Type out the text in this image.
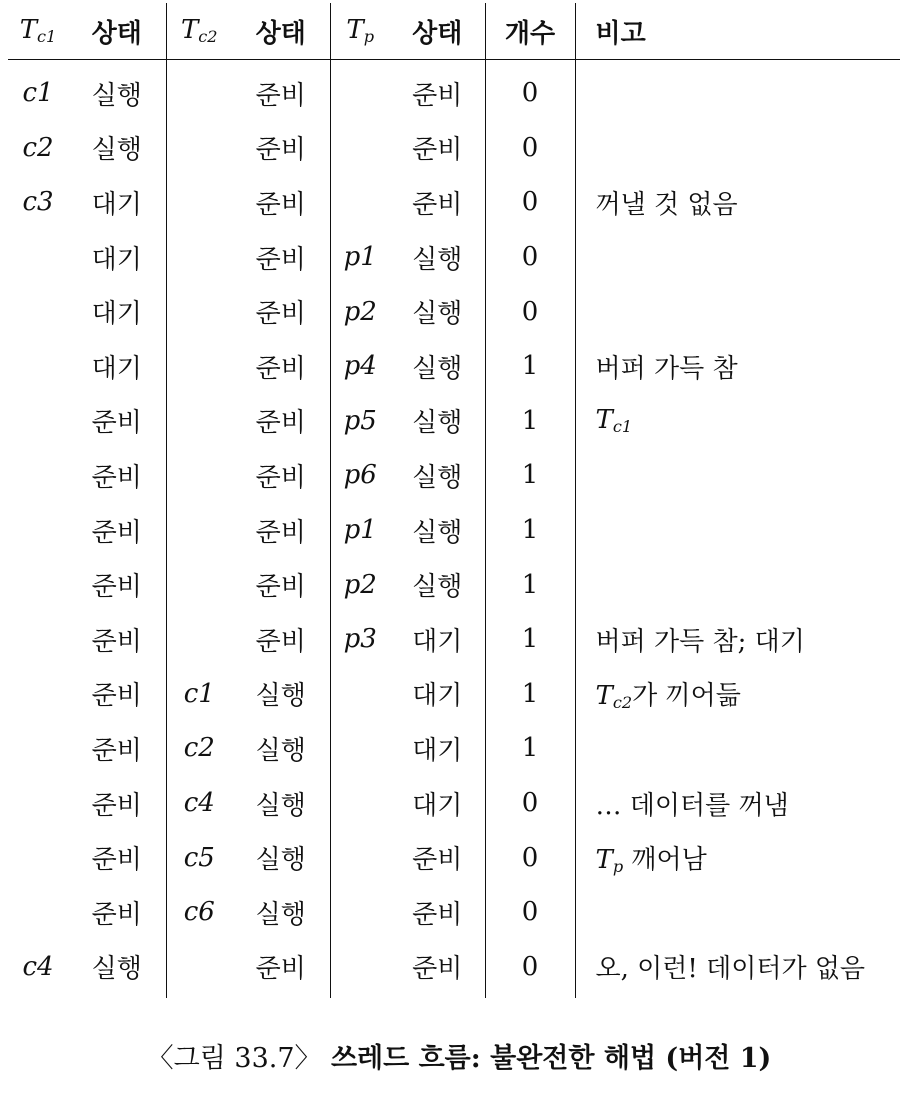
$T_{c1}$	상태	$T_{c2}$	상태	$T_p$	상태	개수	비고
c1	실행		준비		준비	0	
c2	실행		준비		준비	0	
c3	대기		준비		준비	0	꺼낼 것 없음
	대기		준비	p1	실행	0	
	대기		준비	p2	실행	0	
	대기		준비	p4	실행	1	버퍼 가득 참
	준비		준비	p5	실행	1	$T_{c1}$
	준비		준비	p6	실행	1	
	준비		준비	p1	실행	1	
	준비		준비	p2	실행	1	
	준비		준비	p3	대기	1	버퍼 가득 참; 대기
	준비	c1	실행		대기	1	$T_{c2}$가 끼어듦
	준비	c2	실행		대기	1	
	준비	c4	실행		대기	0	… 데이터를 꺼냄
	준비	c5	실행		준비	0	$T_p$ 깨어남
	준비	c6	실행		준비	0	
c4	실행		준비		준비	0	오, 이런! 데이터가 없음
〈그림 33.7〉 쓰레드 흐름: 불완전한 해법 (버전 1)
